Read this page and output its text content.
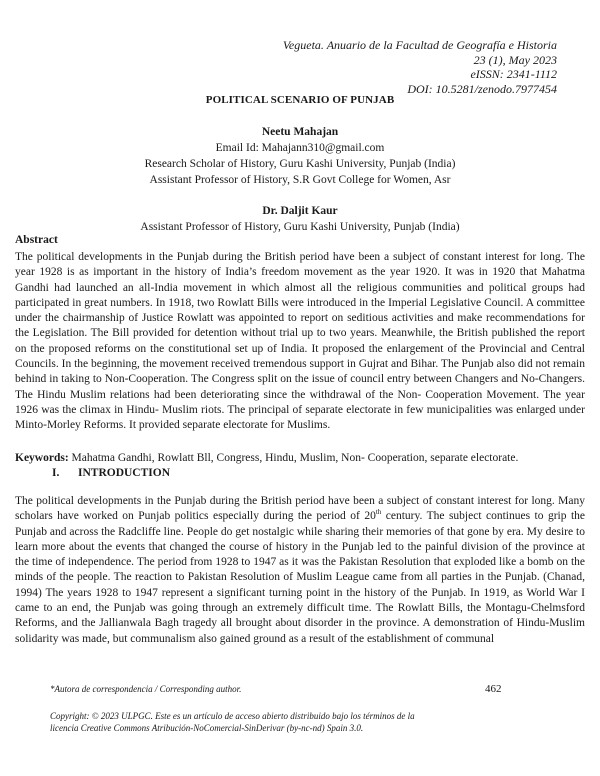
Vegueta. Anuario de la Facultad de Geografía e Historia
23 (1), May 2023
eISSN: 2341-1112
DOI: 10.5281/zenodo.7977454
POLITICAL SCENARIO OF PUNJAB
Neetu Mahajan
Email Id: Mahajann310@gmail.com
Research Scholar of History, Guru Kashi University, Punjab (India)
Assistant Professor of History, S.R Govt College for Women, Asr
Dr. Daljit Kaur
Assistant Professor of History, Guru Kashi University, Punjab (India)
Abstract
The political developments in the Punjab during the British period have been a subject of constant interest for long. The year 1928 is as important in the history of India’s freedom movement as the year 1920. It was in 1920 that Mahatma Gandhi had launched an all-India movement in which almost all the religious communities and political groups had participated in great numbers. In 1918, two Rowlatt Bills were introduced in the Imperial Legislative Council. A committee under the chairmanship of Justice Rowlatt was appointed to report on seditious activities and make recommendations for the Legislation. The Bill provided for detention without trial up to two years. Meanwhile, the British published the report on the proposed reforms on the constitutional set up of India. It proposed the enlargement of the Provincial and Central Councils. In the beginning, the movement received tremendous support in Gujrat and Bihar. The Punjab also did not remain behind in taking to Non-Cooperation. The Congress split on the issue of council entry between Changers and No-Changers. The Hindu Muslim relations had been deteriorating since the withdrawal of the Non- Cooperation Movement. The year 1926 was the climax in Hindu- Muslim riots. The principal of separate electorate in few municipalities was enlarged under Minto-Morley Reforms. It provided separate electorate for Muslims.
Keywords: Mahatma Gandhi, Rowlatt Bll, Congress, Hindu, Muslim, Non- Cooperation, separate electorate.
I. INTRODUCTION
The political developments in the Punjab during the British period have been a subject of constant interest for long. Many scholars have worked on Punjab politics especially during the period of 20th century. The subject continues to grip the Punjab and across the Radcliffe line. People do get nostalgic while sharing their memories of that gone by era. My desire to learn more about the events that changed the course of history in the Punjab led to the painful division of the province at the time of independence. The period from 1928 to 1947 as it was the Pakistan Resolution that exploded like a bomb on the minds of the people. The reaction to Pakistan Resolution of Muslim League came from all parties in the Punjab. (Chanad, 1994) The years 1928 to 1947 represent a significant turning point in the history of the Punjab. In 1919, as World War I came to an end, the Punjab was going through an extremely difficult time. The Rowlatt Bills, the Montagu-Chelmsford Reforms, and the Jallianwala Bagh tragedy all brought about disorder in the province. A demonstration of Hindu-Muslim solidarity was made, but communalism also gained ground as a result of the establishment of communal
*Autora de correspondencia / Corresponding author.	462
Copyright: © 2023 ULPGC. Este es un artículo de acceso abierto distribuido bajo los términos de la
licencia Creative Commons Atribución-NoComercial-SinDerivar (by-nc-nd) Spain 3.0.
